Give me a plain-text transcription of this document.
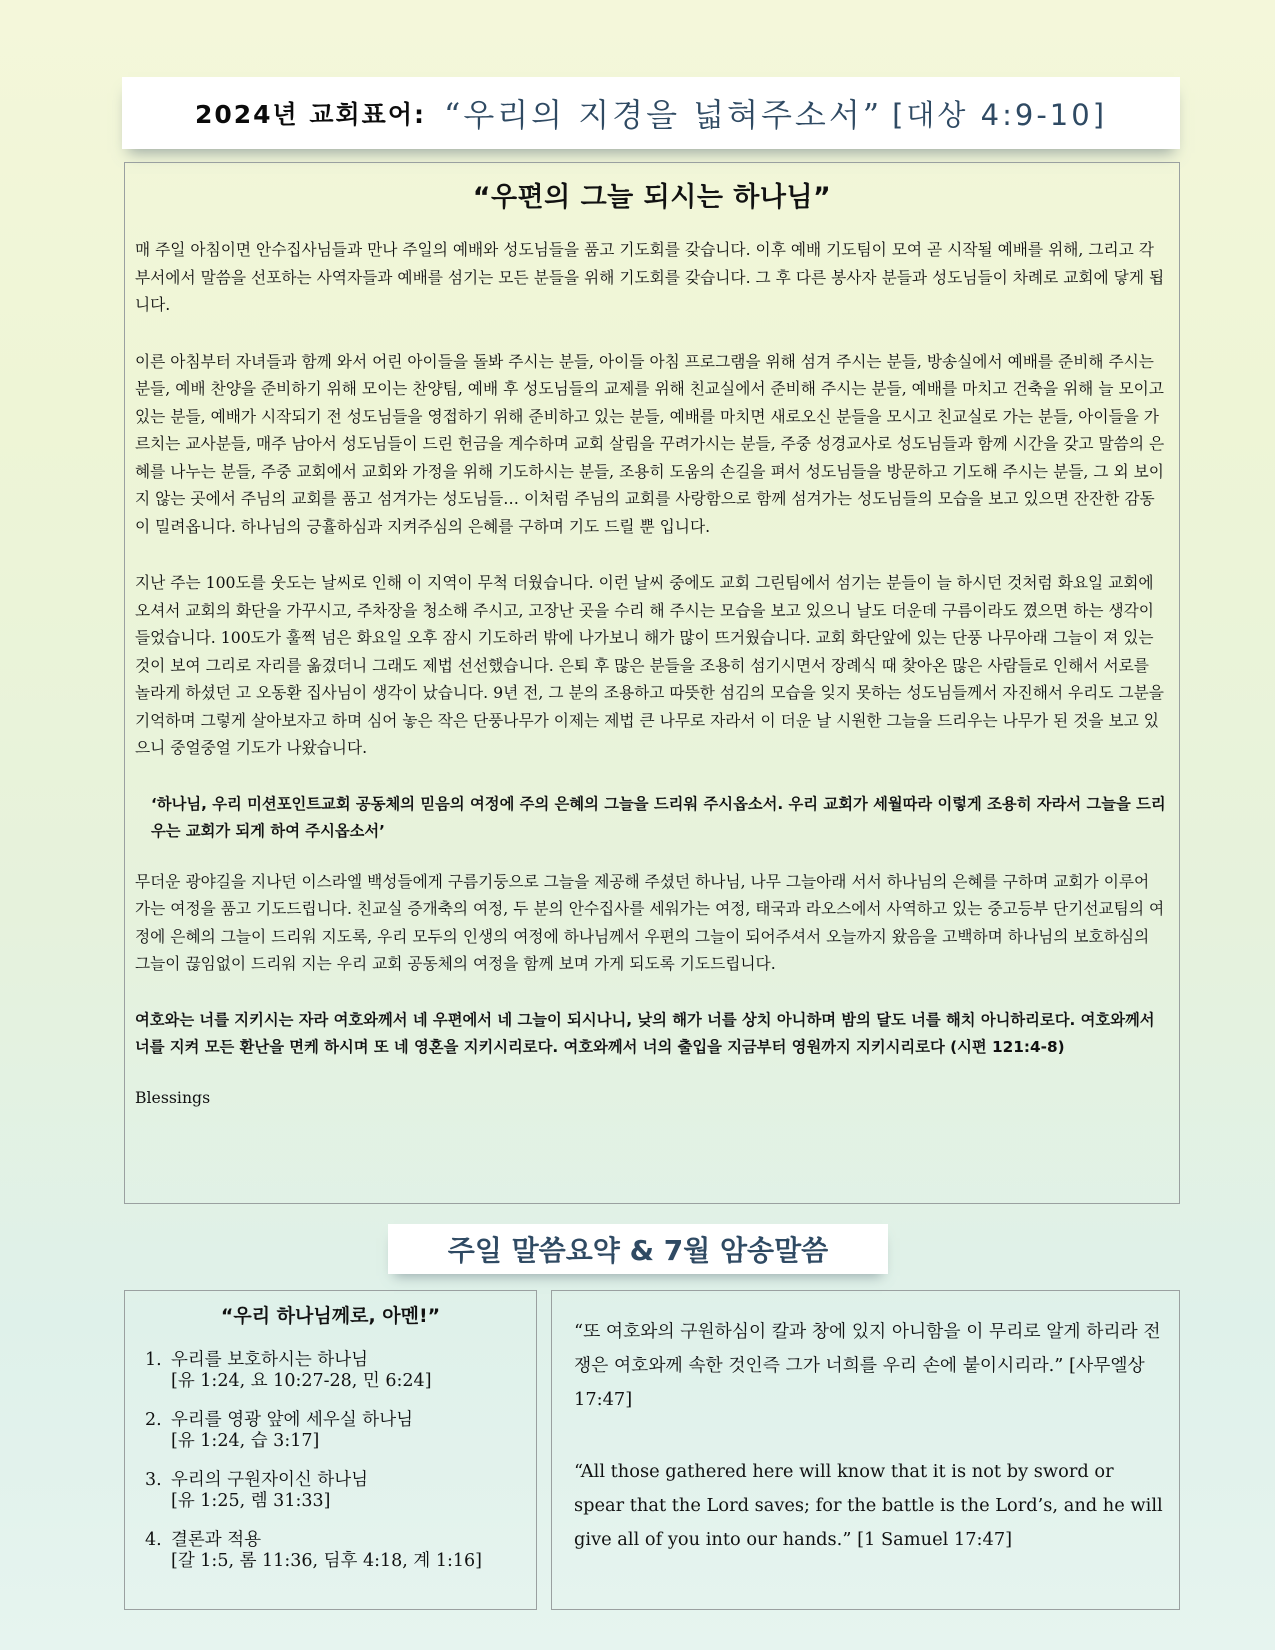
2024년 교회표어: “우리의 지경을 넓혀주소서” [대상 4:9-10]
“우편의 그늘 되시는 하나님”

매 주일 아침이면 안수집사님들과 만나 주일의 예배와 성도님들을 품고 기도회를 갖습니다. 이후 예배 기도팀이 모여 곧 시작될 예배를 위해, 그리고 각 부서에서 말씀을 선포하는 사역자들과 예배를 섬기는 모든 분들을 위해 기도회를 갖습니다. 그 후 다른 봉사자 분들과 성도님들이 차례로 교회에 닿게 됩니다.

이른 아침부터 자녀들과 함께 와서 어린 아이들을 돌봐 주시는 분들, 아이들 아침 프로그램을 위해 섬겨 주시는 분들, 방송실에서 예배를 준비해 주시는 분들, 예배 찬양을 준비하기 위해 모이는 찬양팀, 예배 후 성도님들의 교제를 위해 친교실에서 준비해 주시는 분들, 예배를 마치고 건축을 위해 늘 모이고 있는 분들, 예배가 시작되기 전 성도님들을 영접하기 위해 준비하고 있는 분들, 예배를 마치면 새로오신 분들을 모시고 친교실로 가는 분들, 아이들을 가르치는 교사분들, 매주 남아서 성도님들이 드린 헌금을 계수하며 교회 살림을 꾸려가시는 분들, 주중 성경교사로 성도님들과 함께 시간을 갖고 말씀의 은혜를 나누는 분들, 주중 교회에서 교회와 가정을 위해 기도하시는 분들, 조용히 도움의 손길을 펴서 성도님들을 방문하고 기도해 주시는 분들, 그 외 보이지 않는 곳에서 주님의 교회를 품고 섬겨가는 성도님들… 이처럼 주님의 교회를 사랑함으로 함께 섬겨가는 성도님들의 모습을 보고 있으면 잔잔한 감동이 밀려옵니다. 하나님의 긍휼하심과 지켜주심의 은혜를 구하며 기도 드릴 뿐 입니다.

지난 주는 100도를 웃도는 날씨로 인해 이 지역이 무척 더웠습니다. 이런 날씨 중에도 교회 그린팀에서 섬기는 분들이 늘 하시던 것처럼 화요일 교회에 오셔서 교회의 화단을 가꾸시고, 주차장을 청소해 주시고, 고장난 곳을 수리 해 주시는 모습을 보고 있으니 날도 더운데 구름이라도 꼈으면 하는 생각이 들었습니다. 100도가 훌쩍 넘은 화요일 오후 잠시 기도하러 밖에 나가보니 해가 많이 뜨거웠습니다. 교회 화단앞에 있는 단풍 나무아래 그늘이 져 있는 것이 보여 그리로 자리를 옮겼더니 그래도 제법 선선했습니다. 은퇴 후 많은 분들을 조용히 섬기시면서 장례식 때 찾아온 많은 사람들로 인해서 서로를 놀라게 하셨던 고 오동환 집사님이 생각이 났습니다. 9년 전, 그 분의 조용하고 따뜻한 섬김의 모습을 잊지 못하는 성도님들께서 자진해서 우리도 그분을 기억하며 그렇게 살아보자고 하며 심어 놓은 작은 단풍나무가 이제는 제법 큰 나무로 자라서 이 더운 날 시원한 그늘을 드리우는 나무가 된 것을 보고 있으니 중얼중얼 기도가 나왔습니다.

‘하나님, 우리 미션포인트교회 공동체의 믿음의 여정에 주의 은혜의 그늘을 드리워 주시옵소서. 우리 교회가 세월따라 이렇게 조용히 자라서 그늘을 드리우는 교회가 되게 하여 주시옵소서’

무더운 광야길을 지나던 이스라엘 백성들에게 구름기둥으로 그늘을 제공해 주셨던 하나님, 나무 그늘아래 서서 하나님의 은혜를 구하며 교회가 이루어 가는 여정을 품고 기도드립니다. 친교실 증개축의 여정, 두 분의 안수집사를 세워가는 여정, 태국과 라오스에서 사역하고 있는 중고등부 단기선교팀의 여정에 은혜의 그늘이 드리워 지도록, 우리 모두의 인생의 여정에 하나님께서 우편의 그늘이 되어주셔서 오늘까지 왔음을 고백하며 하나님의 보호하심의 그늘이 끊임없이 드리워 지는 우리 교회 공동체의 여정을 함께 보며 가게 되도록 기도드립니다.

여호와는 너를 지키시는 자라 여호와께서 네 우편에서 네 그늘이 되시나니, 낮의 해가 너를 상치 아니하며 밤의 달도 너를 해치 아니하리로다. 여호와께서 너를 지켜 모든 환난을 면케 하시며 또 네 영혼을 지키시리로다. 여호와께서 너의 출입을 지금부터 영원까지 지키시리로다 (시편 121:4-8)

Blessings
주일 말씀요약 & 7월 암송말씀
“우리 하나님께로, 아멘!”
1. 우리를 보호하시는 하나님
[유 1:24, 요 10:27-28, 민 6:24]
2. 우리를 영광 앞에 세우실 하나님
[유 1:24, 습 3:17]
3. 우리의 구원자이신 하나님
[유 1:25, 렘 31:33]
4. 결론과 적용
[갈 1:5, 롬 11:36, 딤후 4:18, 계 1:16]

“또 여호와의 구원하심이 칼과 창에 있지 아니함을 이 무리로 알게 하리라 전쟁은 여호와께 속한 것인즉 그가 너희를 우리 손에 붙이시리라.” [사무엘상 17:47]

“All those gathered here will know that it is not by sword or spear that the Lord saves; for the battle is the Lord’s, and he will give all of you into our hands.” [1 Samuel 17:47]
